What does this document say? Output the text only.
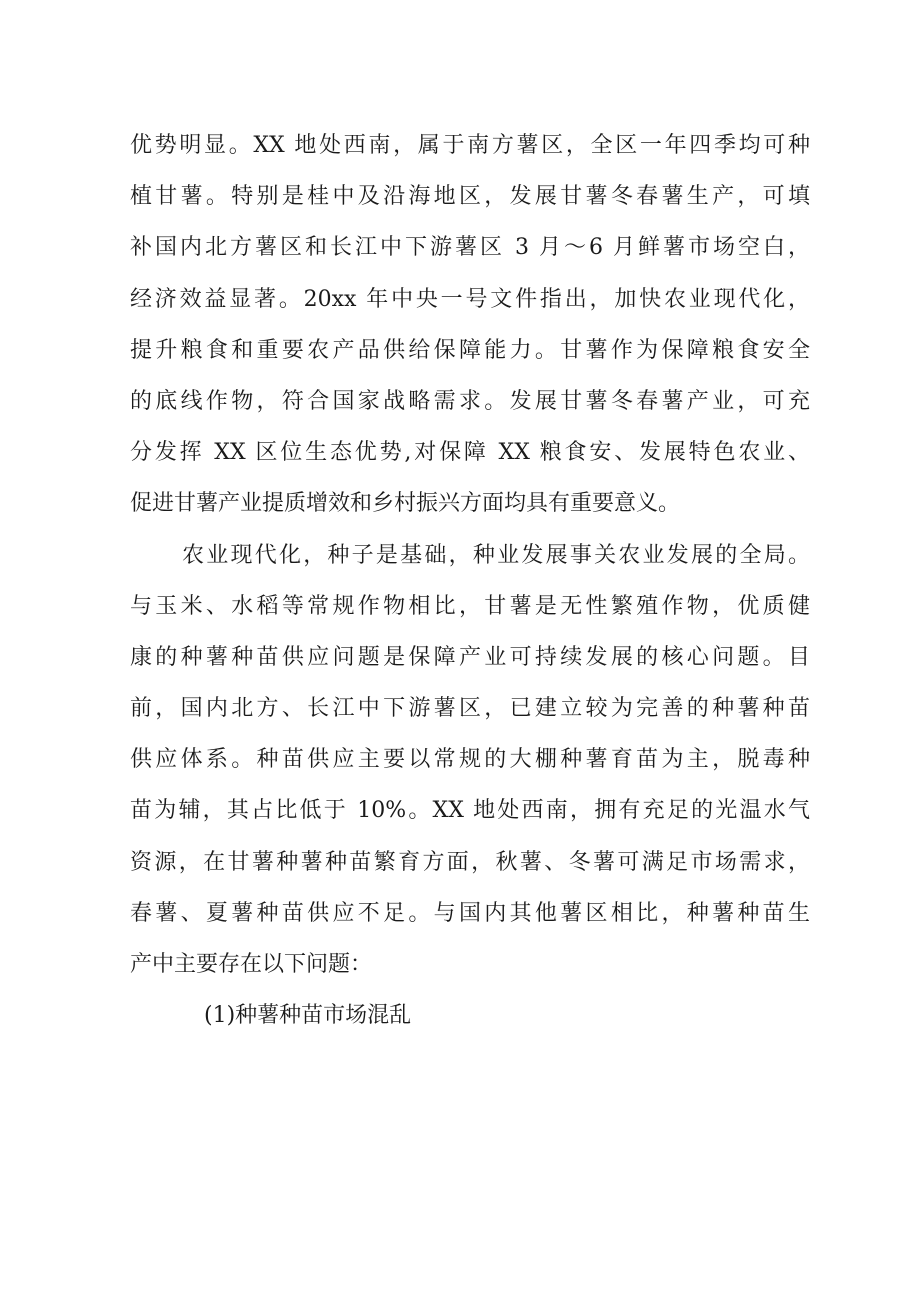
优势明显。XX 地处西南，属于南方薯区，全区一年四季均可种
植甘薯。特别是桂中及沿海地区，发展甘薯冬春薯生产，可填
补国内北方薯区和长江中下游薯区 3 月～6 月鲜薯市场空白，
经济效益显著。20xx 年中央一号文件指出，加快农业现代化，
提升粮食和重要农产品供给保障能力。甘薯作为保障粮食安全
的底线作物，符合国家战略需求。发展甘薯冬春薯产业，可充
分发挥 XX 区位生态优势,对保障 XX 粮食安、发展特色农业、
促进甘薯产业提质增效和乡村振兴方面均具有重要意义。
农业现代化，种子是基础，种业发展事关农业发展的全局。
与玉米、水稻等常规作物相比，甘薯是无性繁殖作物，优质健
康的种薯种苗供应问题是保障产业可持续发展的核心问题。目
前，国内北方、长江中下游薯区，已建立较为完善的种薯种苗
供应体系。种苗供应主要以常规的大棚种薯育苗为主，脱毒种
苗为辅，其占比低于 10%。XX 地处西南，拥有充足的光温水气
资源，在甘薯种薯种苗繁育方面，秋薯、冬薯可满足市场需求，
春薯、夏薯种苗供应不足。与国内其他薯区相比，种薯种苗生
产中主要存在以下问题：
(1)种薯种苗市场混乱
